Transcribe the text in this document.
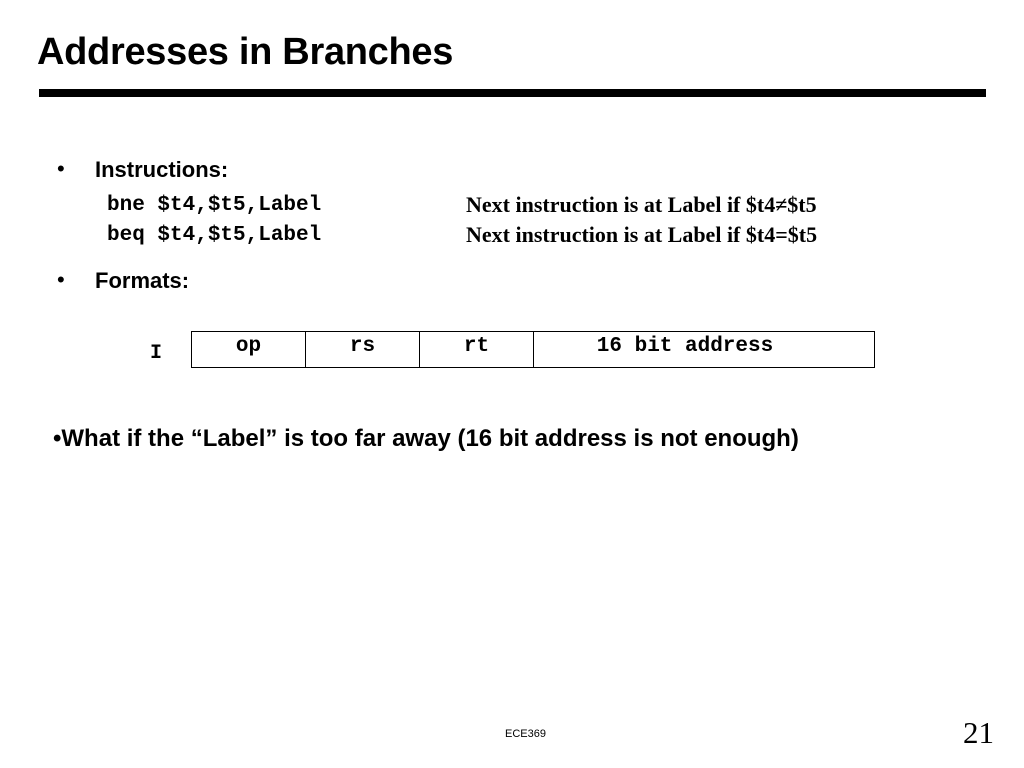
Addresses in Branches
• Instructions:
bne $t4,$t5,Label	Next instruction is at Label if $t4≠$t5
beq $t4,$t5,Label	Next instruction is at Label if $t4=$t5
• Formats:
I	op	rs	rt	16 bit address
•What if the “Label” is too far away (16 bit address is not enough)
ECE369	21
